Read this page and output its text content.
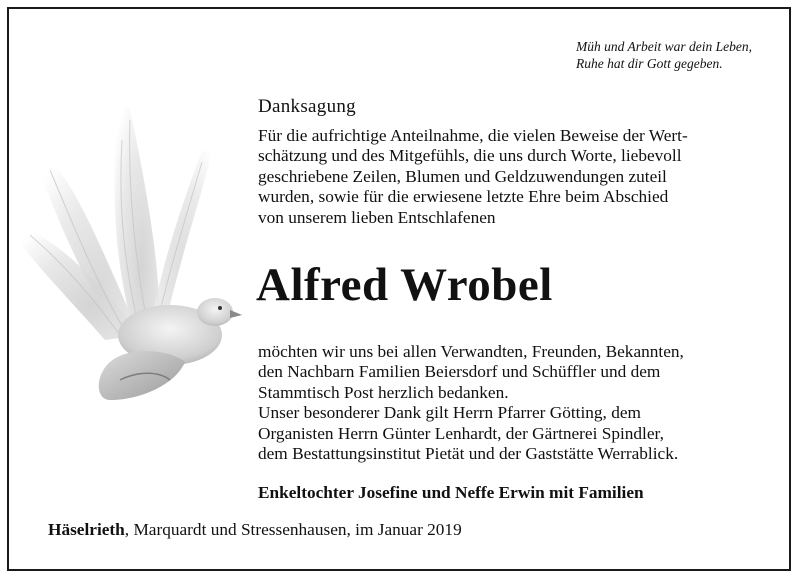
Müh und Arbeit war dein Leben,
Ruhe hat dir Gott gegeben.
Danksagung
Für die aufrichtige Anteilnahme, die vielen Beweise der Wert-
schätzung und des Mitgefühls, die uns durch Worte, liebevoll
geschriebene Zeilen, Blumen und Geldzuwendungen zuteil
wurden, sowie für die erwiesene letzte Ehre beim Abschied
von unserem lieben Entschlafenen
Alfred Wrobel
möchten wir uns bei allen Verwandten, Freunden, Bekannten,
den Nachbarn Familien Beiersdorf und Schüffler und dem
Stammtisch Post herzlich bedanken.
Unser besonderer Dank gilt Herrn Pfarrer Götting, dem
Organisten Herrn Günter Lenhardt, der Gärtnerei Spindler,
dem Bestattungsinstitut Pietät und der Gaststätte Werrablick.
Enkeltochter Josefine und Neffe Erwin mit Familien
Häselrieth, Marquardt und Stressenhausen, im Januar 2019
